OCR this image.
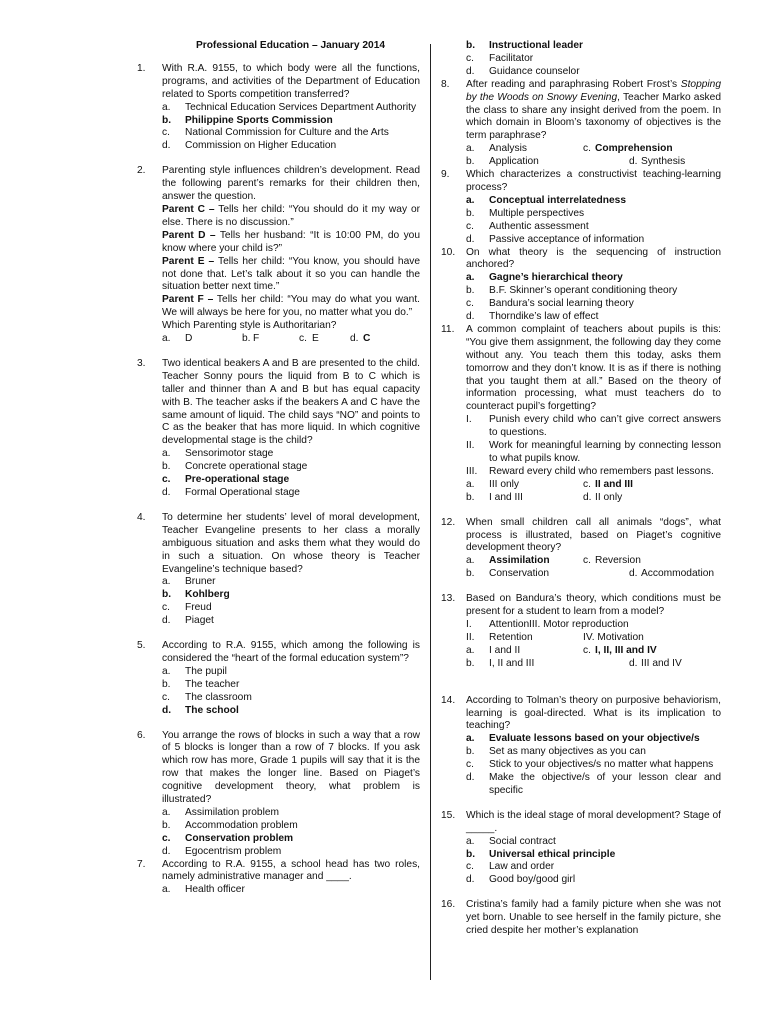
Professional Education – January 2014
1. With R.A. 9155, to which body were all the functions, programs, and activities of the Department of Education related to Sports competition transferred?
a. Technical Education Services Department Authority
b. Philippine Sports Commission
c. National Commission for Culture and the Arts
d. Commission on Higher Education
2. Parenting style influences children’s development. Read the following parent’s remarks for their children then, answer the question.
Parent C – Tells her child: “You should do it my way or else. There is no discussion.”
Parent D – Tells her husband: “It is 10:00 PM, do you know where your child is?”
Parent E – Tells her child: “You know, you should have not done that. Let’s talk about it so you can handle the situation better next time.”
Parent F – Tells her child: “You may do what you want. We will always be here for you, no matter what you do.”
Which Parenting style is Authoritarian?
a.	D	b. F	c. E	d. C
3. Two identical beakers A and B are presented to the child. Teacher Sonny pours the liquid from B to C which is taller and thinner than A and B but has equal capacity with B. The teacher asks if the beakers A and C have the same amount of liquid. The child says “NO” and points to C as the beaker that has more liquid. In which cognitive developmental stage is the child?
a. Sensorimotor stage
b. Concrete operational stage
c. Pre-operational stage
d. Formal Operational stage
4. To determine her students’ level of moral development, Teacher Evangeline presents to her class a morally ambiguous situation and asks them what they would do in such a situation. On whose theory is Teacher Evangeline’s technique based?
a. Bruner
b. Kohlberg
c. Freud
d. Piaget
5. According to R.A. 9155, which among the following is considered the “heart of the formal education system”?
a. The pupil
b. The teacher
c. The classroom
d. The school
6. You arrange the rows of blocks in such a way that a row of 5 blocks is longer than a row of 7 blocks. If you ask which row has more, Grade 1 pupils will say that it is the row that makes the longer line. Based on Piaget’s cognitive development theory, what problem is illustrated?
a. Assimilation problem
b. Accommodation problem
c. Conservation problem
d. Egocentrism problem
7. According to R.A. 9155, a school head has two roles, namely administrative manager and ____.
a. Health officer
b. Instructional leader
c. Facilitator
d. Guidance counselor
8. After reading and paraphrasing Robert Frost’s Stopping by the Woods on Snowy Evening, Teacher Marko asked the class to share any insight derived from the poem. In which domain in Bloom’s taxonomy of objectives is the term paraphrase?
a.	Analysis	c. Comprehension
b.	Application	d. Synthesis
9. Which characterizes a constructivist teaching-learning process?
a. Conceptual interrelatedness
b. Multiple perspectives
c. Authentic assessment
d. Passive acceptance of information
10. On what theory is the sequencing of instruction anchored?
a. Gagne’s hierarchical theory
b. B.F. Skinner’s operant conditioning theory
c. Bandura’s social learning theory
d. Thorndike’s law of effect
11. A common complaint of teachers about pupils is this: “You give them assignment, the following day they come without any. You teach them this today, asks them tomorrow and they don’t know. It is as if there is nothing that you taught them at all.” Based on the theory of information processing, what must teachers do to counteract pupil’s forgetting?
I. Punish every child who can’t give correct answers to questions.
II. Work for meaningful learning by connecting lesson to what pupils know.
III. Reward every child who remembers past lessons.
a.	III only	c. II and III
b.	I and III	d. II only
12. When small children call all animals “dogs”, what process is illustrated, based on Piaget’s cognitive development theory?
a.	Assimilation	c. Reversion
b.	Conservation	d. Accommodation
13. Based on Bandura’s theory, which conditions must be present for a student to learn from a model?
I.	Attention III. Motor reproduction
II.	Retention	IV. Motivation
a.	I and II	c. I, II, III and IV
b.	I, II and III	d. III and IV
14. According to Tolman’s theory on purposive behaviorism, learning is goal-directed. What is its implication to teaching?
a. Evaluate lessons based on your objective/s
b. Set as many objectives as you can
c. Stick to your objectives/s no matter what happens
d. Make the objective/s of your lesson clear and specific
15. Which is the ideal stage of moral development? Stage of _____.
a. Social contract
b. Universal ethical principle
c. Law and order
d. Good boy/good girl
16. Cristina’s family had a family picture when she was not yet born. Unable to see herself in the family picture, she cried despite her mother’s explanation
